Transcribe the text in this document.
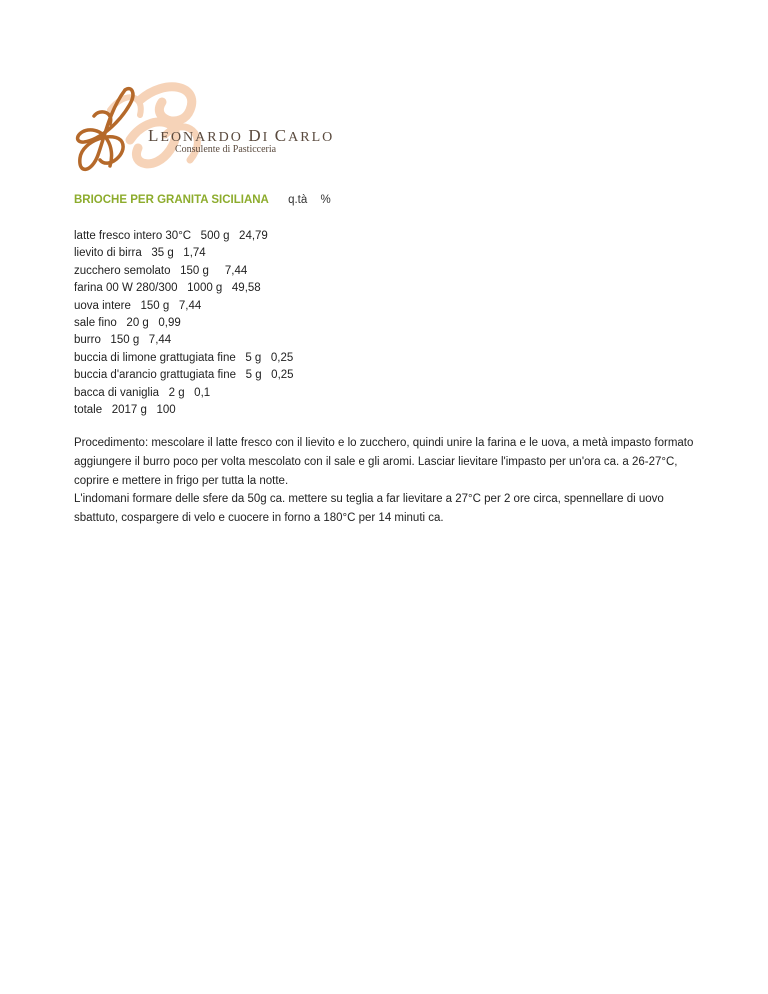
LEONARDO DI CARLO
Consulente di Pasticceria
BRIOCHE PER GRANITA SICILIANA q.tà %
latte fresco intero 30°C   500 g   24,79
lievito di birra   35 g   1,74
zucchero semolato   150 g     7,44
farina 00 W 280/300   1000 g   49,58
uova intere   150 g   7,44
sale fino   20 g   0,99
burro   150 g   7,44
buccia di limone grattugiata fine   5 g   0,25
buccia d'arancio grattugiata fine   5 g   0,25
bacca di vaniglia   2 g   0,1
totale   2017 g   100

Procedimento: mescolare il latte fresco con il lievito e lo zucchero, quindi unire la farina e le uova, a metà impasto formato aggiungere il burro poco per volta mescolato con il sale e gli aromi. Lasciar lievitare l'impasto per un'ora ca. a 26-27°C, coprire e mettere in frigo per tutta la notte.

L'indomani formare delle sfere da 50g ca. mettere su teglia a far lievitare a 27°C per 2 ore circa, spennellare di uovo sbattuto, cospargere di velo e cuocere in forno a 180°C per 14 minuti ca.
